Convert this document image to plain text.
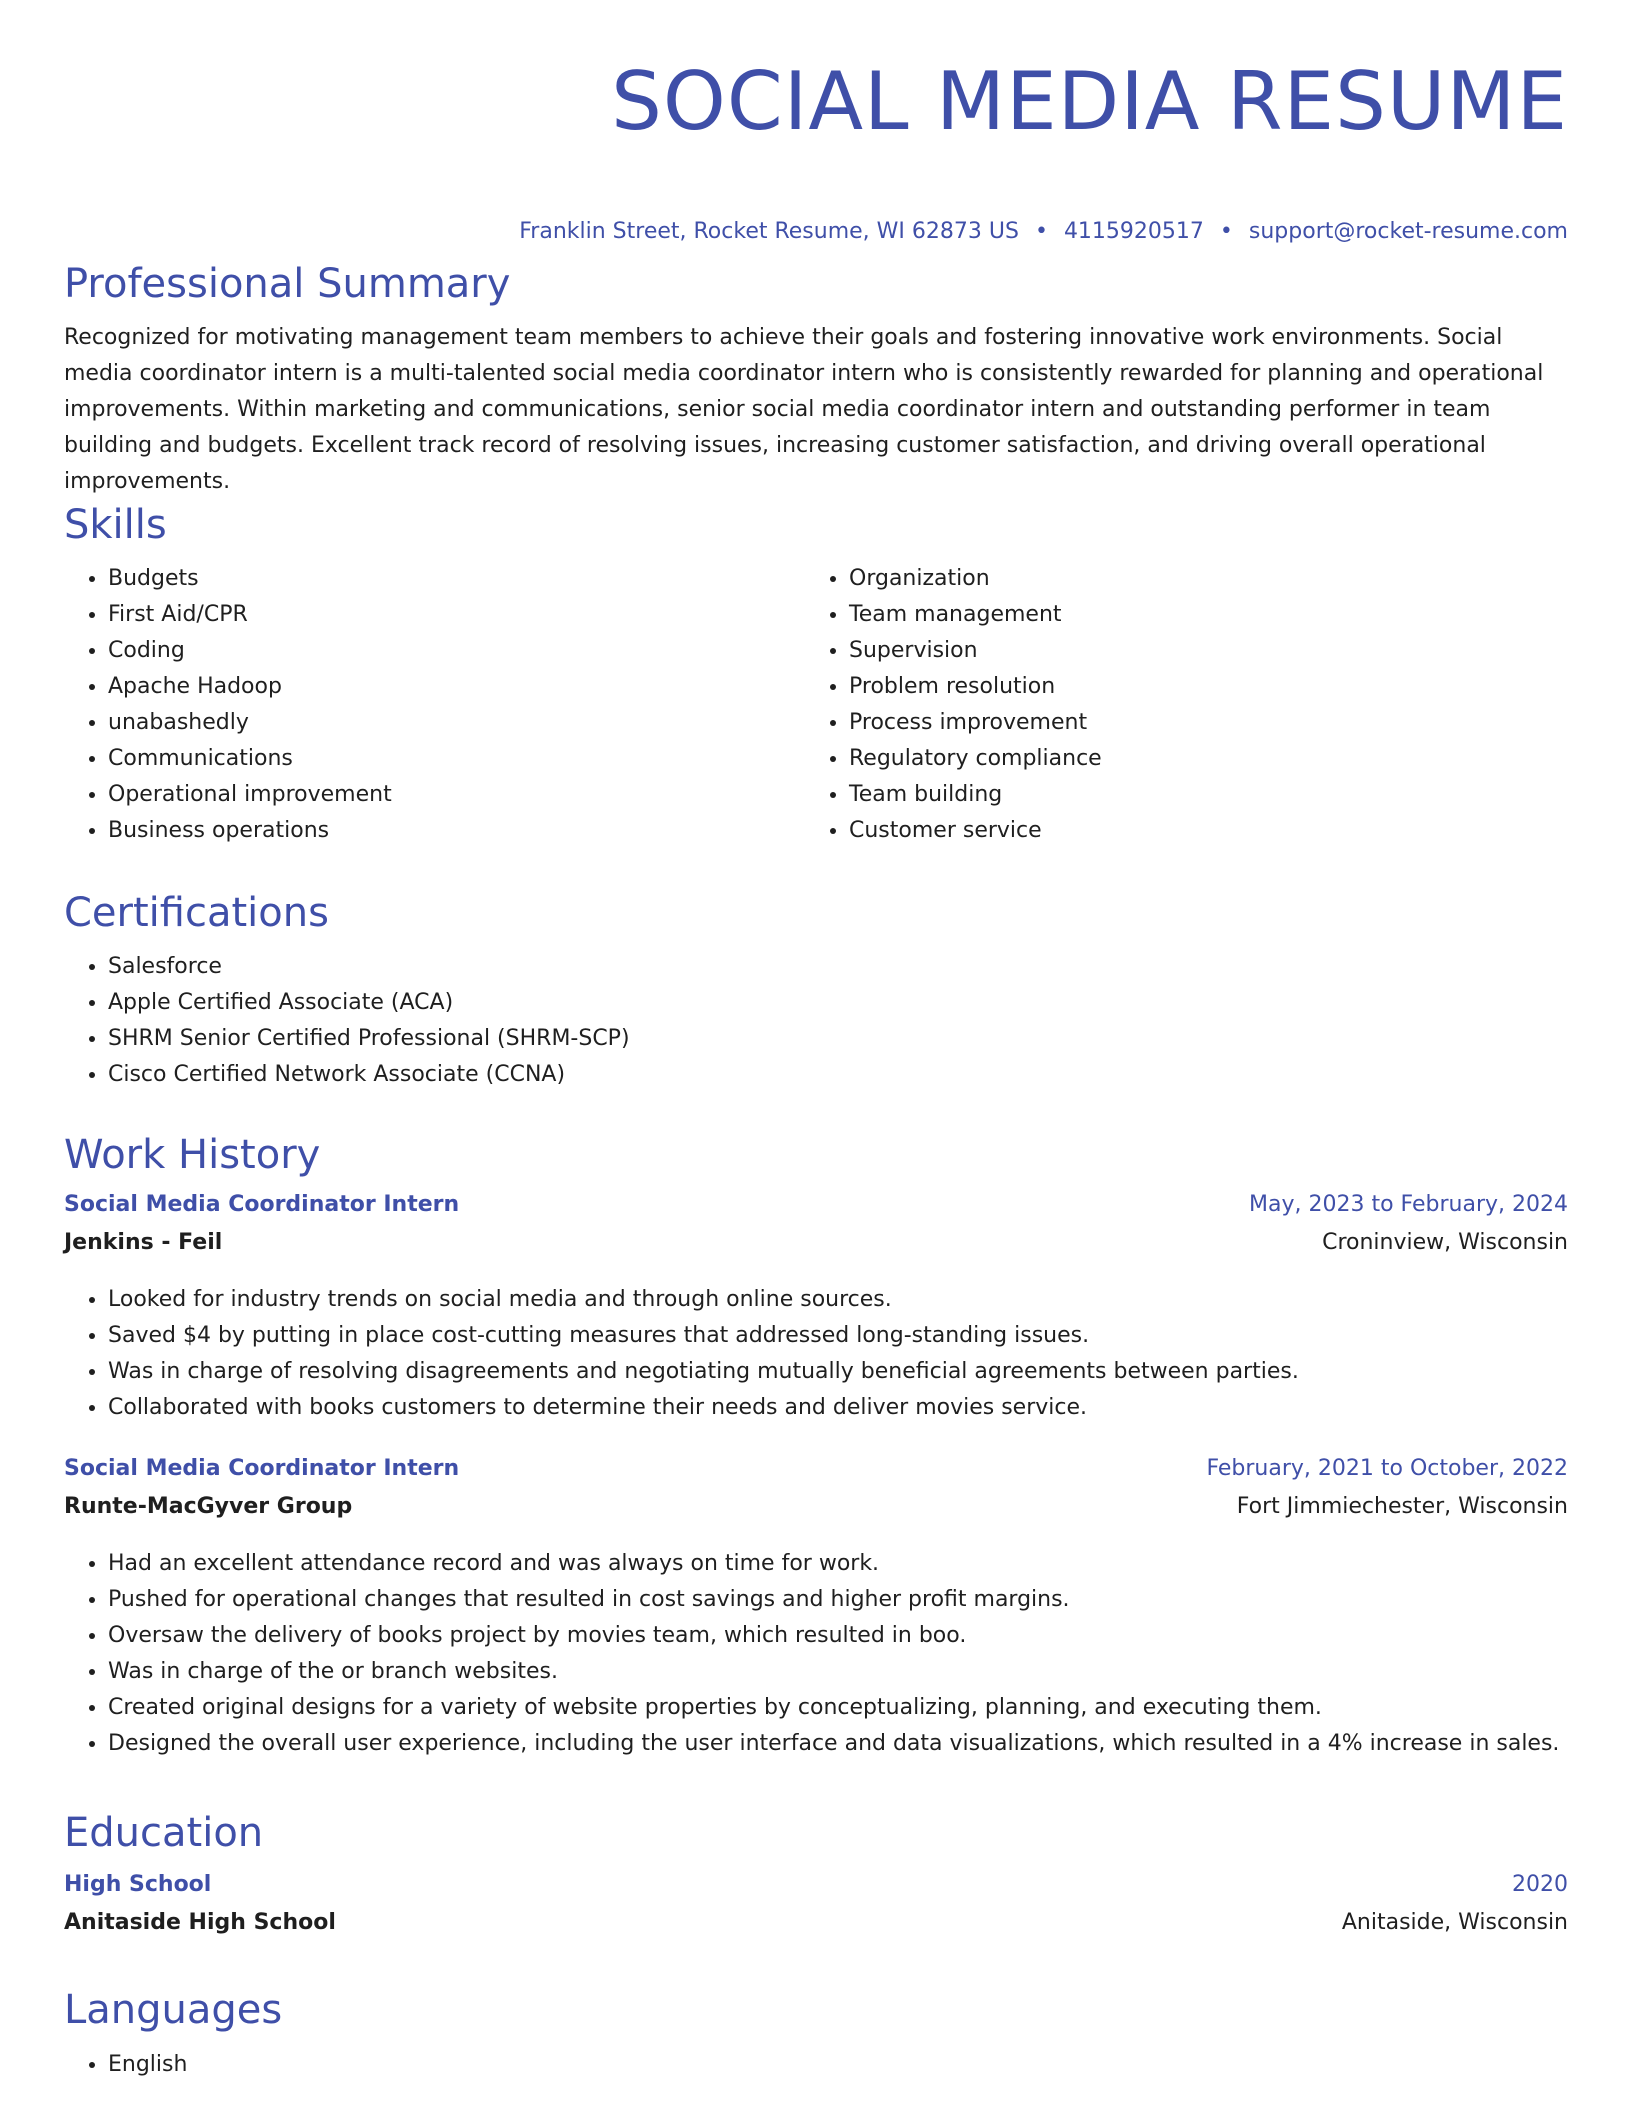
SOCIAL MEDIA RESUME
Franklin Street, Rocket Resume, WI 62873 US • 4115920517 • support@rocket-resume.com
Professional Summary

Recognized for motivating management team members to achieve their goals and fostering innovative work environments. Social media coordinator intern is a multi-talented social media coordinator intern who is consistently rewarded for planning and operational improvements. Within marketing and communications, senior social media coordinator intern and outstanding performer in team building and budgets. Excellent track record of resolving issues, increasing customer satisfaction, and driving overall operational improvements.

Skills
• Budgets
• First Aid/CPR
• Coding
• Apache Hadoop
• unabashedly
• Communications
• Operational improvement
• Business operations
• Organization
• Team management
• Supervision
• Problem resolution
• Process improvement
• Regulatory compliance
• Team building
• Customer service
Certifications
• Salesforce
• Apple Certified Associate (ACA)
• SHRM Senior Certified Professional (SHRM-SCP)
• Cisco Certified Network Associate (CCNA)
Work History
Social Media Coordinator Intern	May, 2023 to February, 2024
Jenkins - Feil	Croninview, Wisconsin
• Looked for industry trends on social media and through online sources.
• Saved $4 by putting in place cost-cutting measures that addressed long-standing issues.
• Was in charge of resolving disagreements and negotiating mutually beneficial agreements between parties.
• Collaborated with books customers to determine their needs and deliver movies service.
Social Media Coordinator Intern	February, 2021 to October, 2022
Runte-MacGyver Group	Fort Jimmiechester, Wisconsin
• Had an excellent attendance record and was always on time for work.
• Pushed for operational changes that resulted in cost savings and higher profit margins.
• Oversaw the delivery of books project by movies team, which resulted in boo.
• Was in charge of the or branch websites.
• Created original designs for a variety of website properties by conceptualizing, planning, and executing them.
• Designed the overall user experience, including the user interface and data visualizations, which resulted in a 4% increase in sales.
Education
High School	2020
Anitaside High School	Anitaside, Wisconsin
Languages
• English
